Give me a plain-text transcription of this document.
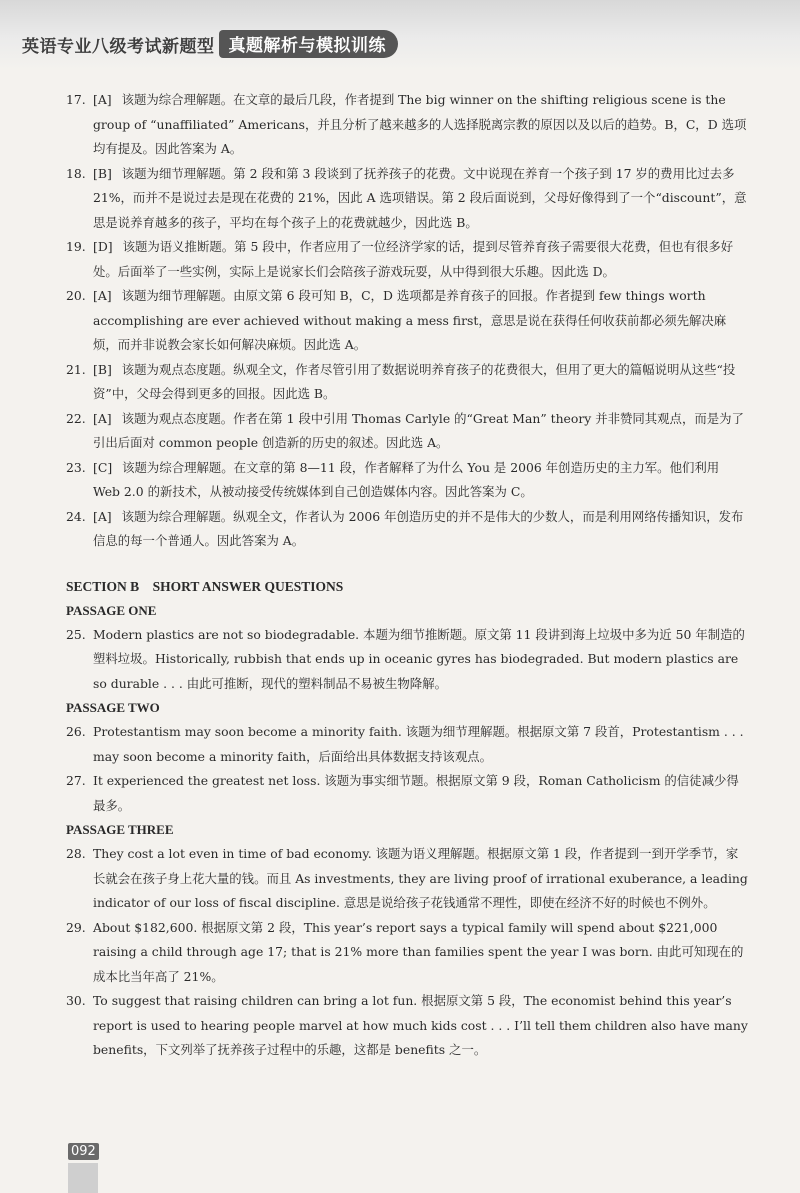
英语专业八级考试新题型 真题解析与模拟训练
17. [A] 该题为综合理解题。在文章的最后几段，作者提到 The big winner on the shifting religious scene is the group of “unaffiliated” Americans，并且分析了越来越多的人选择脱离宗教的原因以及以后的趋势。B，C，D 选项均有提及。因此答案为 A。
18. [B] 该题为细节理解题。第 2 段和第 3 段谈到了抚养孩子的花费。文中说现在养育一个孩子到 17 岁的费用比过去多 21%，而并不是说过去是现在花费的 21%，因此 A 选项错误。第 2 段后面说到，父母好像得到了一个“discount”，意思是说养育越多的孩子，平均在每个孩子上的花费就越少，因此选 B。
19. [D] 该题为语义推断题。第 5 段中，作者应用了一位经济学家的话，提到尽管养育孩子需要很大花费，但也有很多好处。后面举了一些实例，实际上是说家长们会陪孩子游戏玩耍，从中得到很大乐趣。因此选 D。
20. [A] 该题为细节理解题。由原文第 6 段可知 B，C，D 选项都是养育孩子的回报。作者提到 few things worth accomplishing are ever achieved without making a mess first，意思是说在获得任何收获前都必须先解决麻烦，而并非说教会家长如何解决麻烦。因此选 A。
21. [B] 该题为观点态度题。纵观全文，作者尽管引用了数据说明养育孩子的花费很大，但用了更大的篇幅说明从这些“投资”中，父母会得到更多的回报。因此选 B。
22. [A] 该题为观点态度题。作者在第 1 段中引用 Thomas Carlyle 的“Great Man” theory 并非赞同其观点，而是为了引出后面对 common people 创造新的历史的叙述。因此选 A。
23. [C] 该题为综合理解题。在文章的第 8—11 段，作者解释了为什么 You 是 2006 年创造历史的主力军。他们利用 Web 2.0 的新技术，从被动接受传统媒体到自己创造媒体内容。因此答案为 C。
24. [A] 该题为综合理解题。纵观全文，作者认为 2006 年创造历史的并不是伟大的少数人，而是利用网络传播知识，发布信息的每一个普通人。因此答案为 A。
SECTION B　SHORT ANSWER QUESTIONS
PASSAGE ONE
25. Modern plastics are not so biodegradable. 本题为细节推断题。原文第 11 段讲到海上垃圾中多为近 50 年制造的塑料垃圾。Historically, rubbish that ends up in oceanic gyres has biodegraded. But modern plastics are so durable . . . 由此可推断，现代的塑料制品不易被生物降解。
PASSAGE TWO
26. Protestantism may soon become a minority faith. 该题为细节理解题。根据原文第 7 段首，Protestantism . . . may soon become a minority faith，后面给出具体数据支持该观点。
27. It experienced the greatest net loss. 该题为事实细节题。根据原文第 9 段，Roman Catholicism 的信徒减少得最多。
PASSAGE THREE
28. They cost a lot even in time of bad economy. 该题为语义理解题。根据原文第 1 段，作者提到一到开学季节，家长就会在孩子身上花大量的钱。而且 As investments, they are living proof of irrational exuberance, a leading indicator of our loss of fiscal discipline. 意思是说给孩子花钱通常不理性，即使在经济不好的时候也不例外。
29. About $182,600. 根据原文第 2 段，This year’s report says a typical family will spend about $221,000 raising a child through age 17; that is 21% more than families spent the year I was born. 由此可知现在的成本比当年高了 21%。
30. To suggest that raising children can bring a lot fun. 根据原文第 5 段，The economist behind this year’s report is used to hearing people marvel at how much kids cost . . . I’ll tell them children also have many benefits，下文列举了抚养孩子过程中的乐趣，这都是 benefits 之一。
092
